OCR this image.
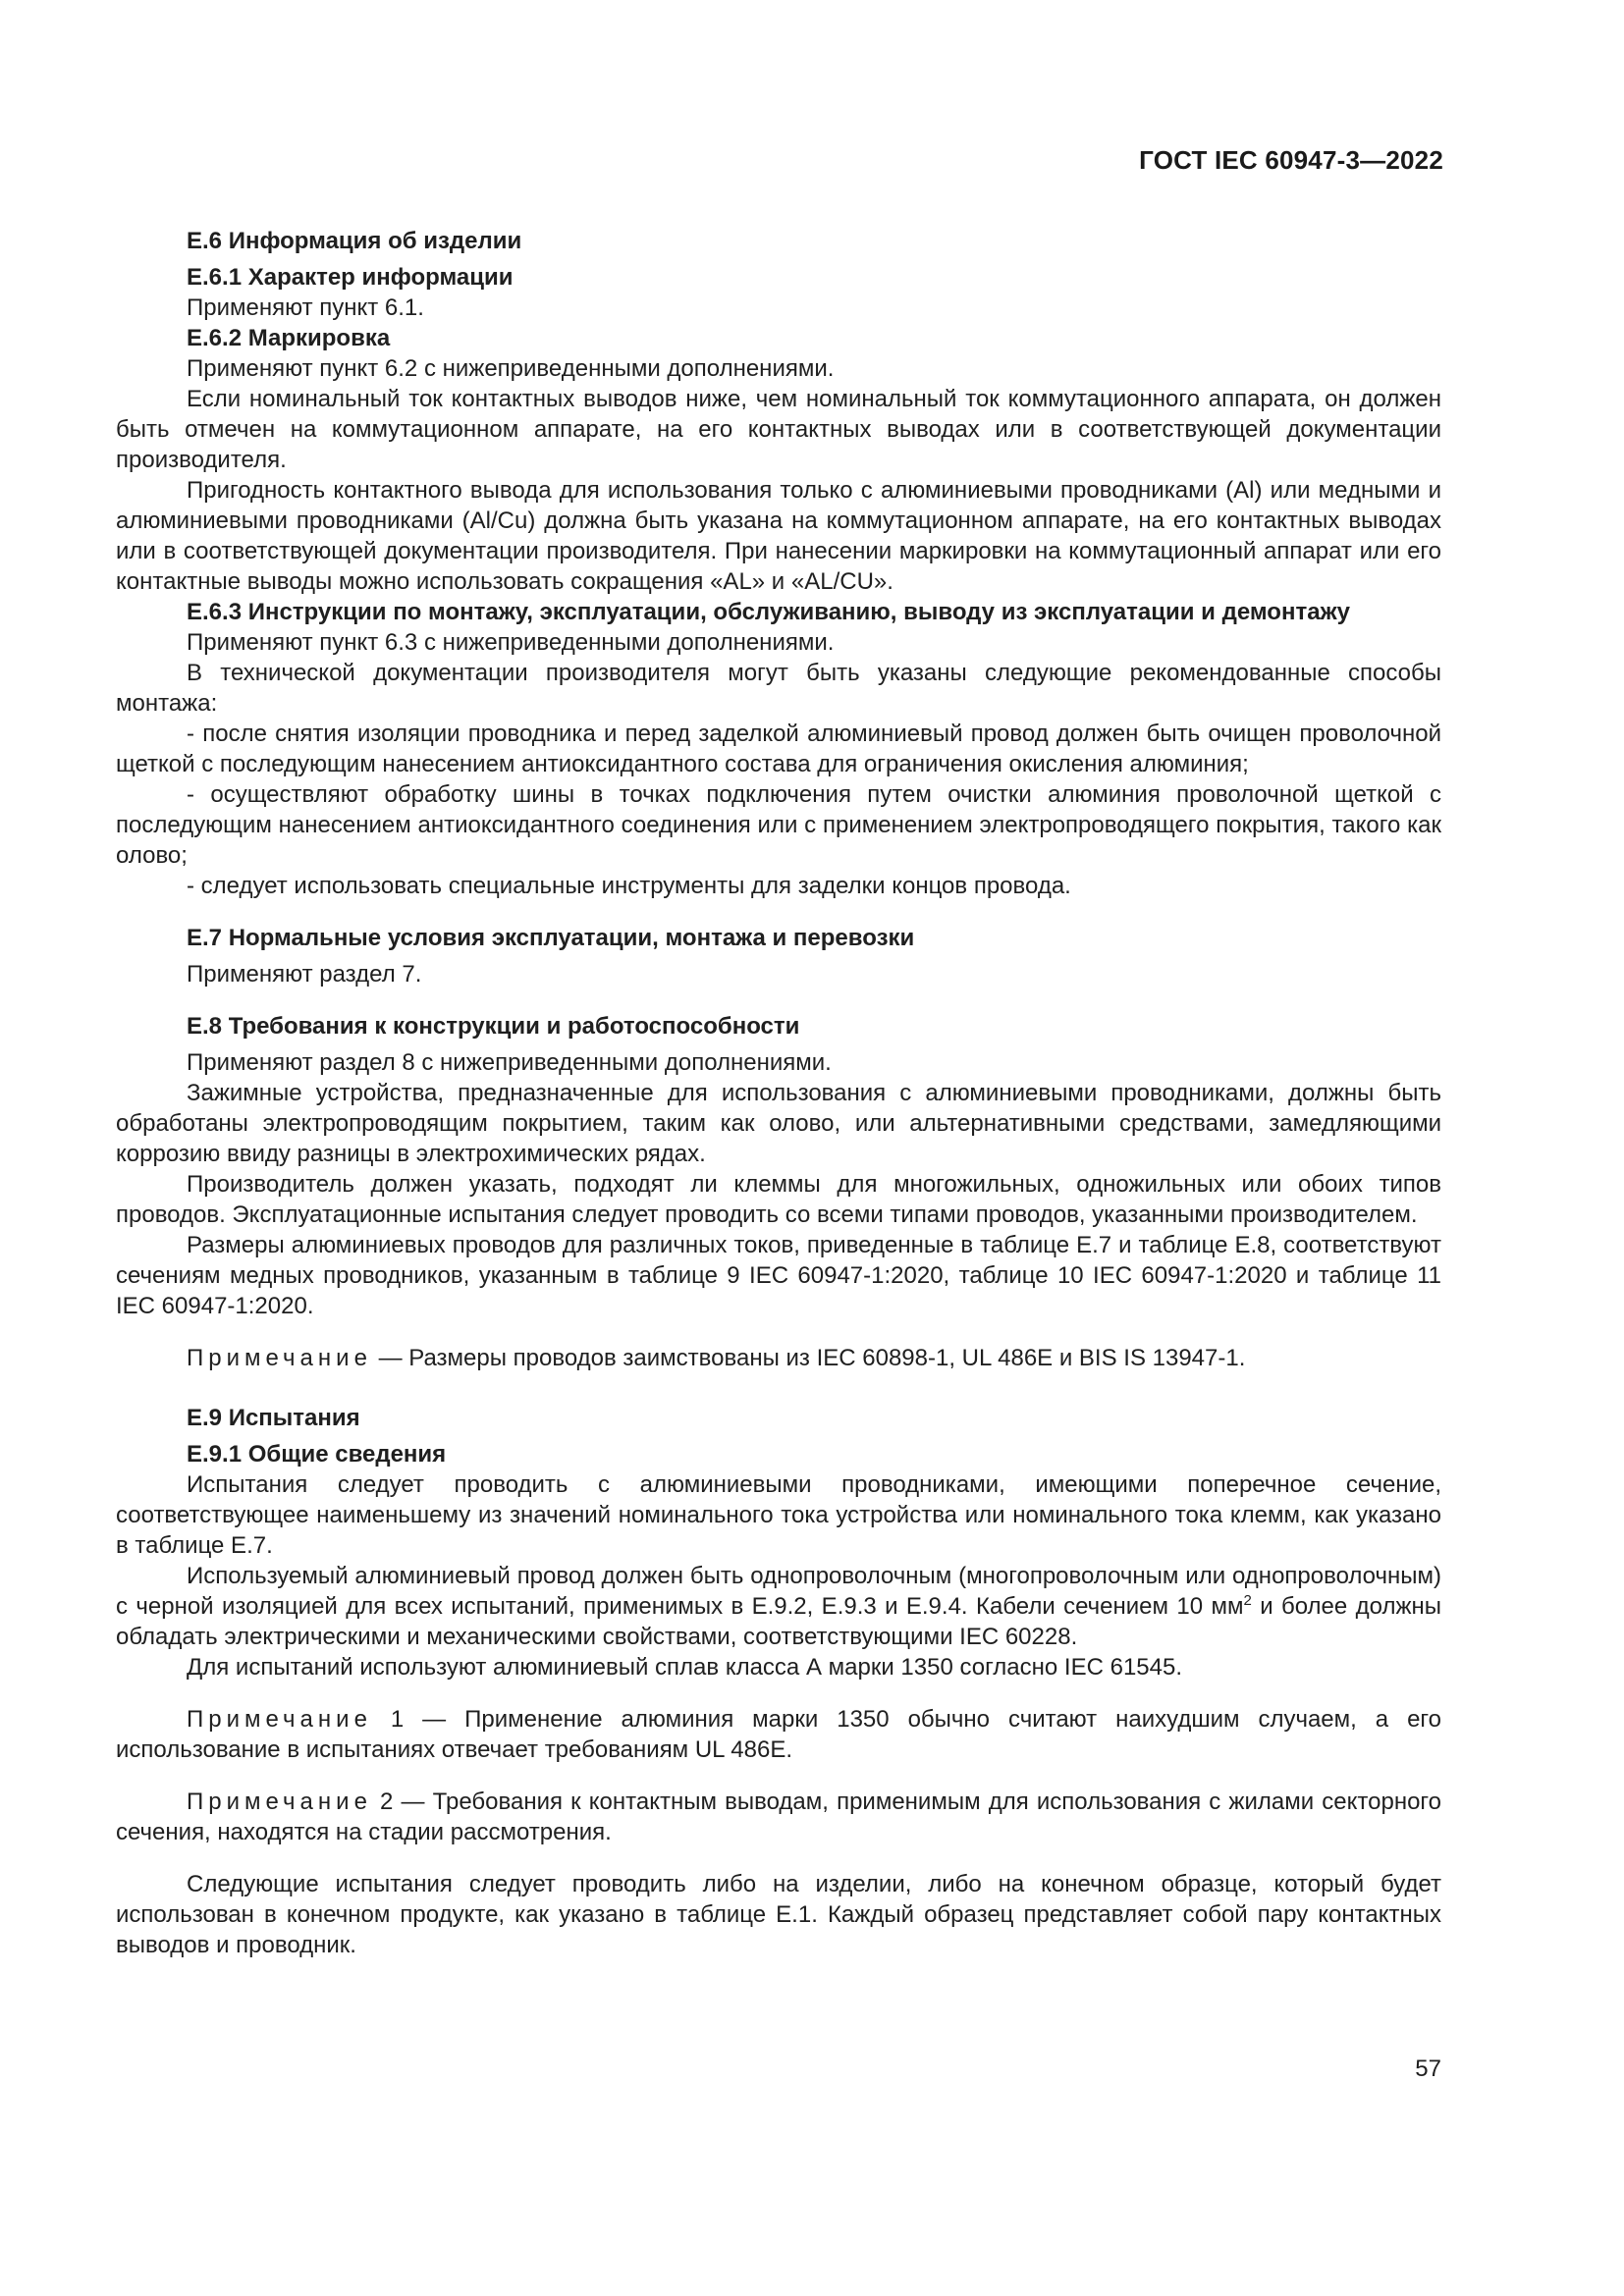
ГОСТ IEC 60947-3—2022
Е.6 Информация об изделии
Е.6.1 Характер информации

Применяют пункт 6.1.

Е.6.2 Маркировка

Применяют пункт 6.2 с нижеприведенными дополнениями.

Если номинальный ток контактных выводов ниже, чем номинальный ток коммутационного аппарата, он должен быть отмечен на коммутационном аппарате, на его контактных выводах или в соответствующей документации производителя.

Пригодность контактного вывода для использования только с алюминиевыми проводниками (Al) или медными и алюминиевыми проводниками (Al/Cu) должна быть указана на коммутационном аппарате, на его контактных выводах или в соответствующей документации производителя. При нанесении маркировки на коммутационный аппарат или его контактные выводы можно использовать сокращения «AL» и «AL/CU».

Е.6.3 Инструкции по монтажу, эксплуатации, обслуживанию, выводу из эксплуатации и демонтажу

Применяют пункт 6.3 с нижеприведенными дополнениями.

В технической документации производителя могут быть указаны следующие рекомендованные способы монтажа:

- после снятия изоляции проводника и перед заделкой алюминиевый провод должен быть очищен проволочной щеткой с последующим нанесением антиоксидантного состава для ограничения окисления алюминия;

- осуществляют обработку шины в точках подключения путем очистки алюминия проволочной щеткой с последующим нанесением антиоксидантного соединения или с применением электропроводящего покрытия, такого как олово;

- следует использовать специальные инструменты для заделки концов провода.

Е.7 Нормальные условия эксплуатации, монтажа и перевозки

Применяют раздел 7.

Е.8 Требования к конструкции и работоспособности

Применяют раздел 8 с нижеприведенными дополнениями.

Зажимные устройства, предназначенные для использования с алюминиевыми проводниками, должны быть обработаны электропроводящим покрытием, таким как олово, или альтернативными средствами, замедляющими коррозию ввиду разницы в электрохимических рядах.

Производитель должен указать, подходят ли клеммы для многожильных, одножильных или обоих типов проводов. Эксплуатационные испытания следует проводить со всеми типами проводов, указанными производителем.

Размеры алюминиевых проводов для различных токов, приведенные в таблице Е.7 и таблице Е.8, соответствуют сечениям медных проводников, указанным в таблице 9 IEC 60947-1:2020, таблице 10 IEC 60947-1:2020 и таблице 11 IEC 60947-1:2020.

Примечание — Размеры проводов заимствованы из IEC 60898-1, UL 486E и BIS IS 13947-1.

Е.9 Испытания
Е.9.1 Общие сведения

Испытания следует проводить с алюминиевыми проводниками, имеющими поперечное сечение, соответствующее наименьшему из значений номинального тока устройства или номинального тока клемм, как указано в таблице Е.7.

Используемый алюминиевый провод должен быть однопроволочным (многопроволочным или однопроволочным) с черной изоляцией для всех испытаний, применимых в Е.9.2, Е.9.3 и Е.9.4. Кабели сечением 10 $мм^2$ и более должны обладать электрическими и механическими свойствами, соответствующими IEC 60228.

Для испытаний используют алюминиевый сплав класса А марки 1350 согласно IEC 61545.

Примечание 1 — Применение алюминия марки 1350 обычно считают наихудшим случаем, а его использование в испытаниях отвечает требованиям UL 486E.

Примечание 2 — Требования к контактным выводам, применимым для использования с жилами секторного сечения, находятся на стадии рассмотрения.

Следующие испытания следует проводить либо на изделии, либо на конечном образце, который будет использован в конечном продукте, как указано в таблице Е.1. Каждый образец представляет собой пару контактных выводов и проводник.

57
